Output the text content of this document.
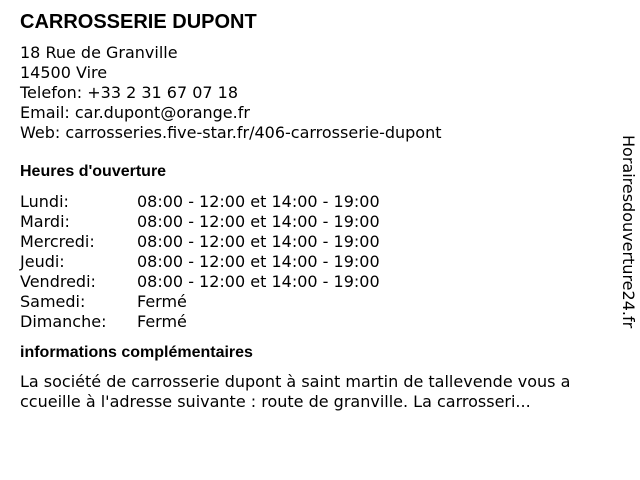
CARROSSERIE DUPONT
18 Rue de Granville
14500 Vire
Telefon: +33 2 31 67 07 18
Email: car.dupont@orange.fr
Web: carrosseries.five-star.fr/406-carrosserie-dupont
Heures d'ouverture
Lundi:	08:00 - 12:00 et 14:00 - 19:00
Mardi:	08:00 - 12:00 et 14:00 - 19:00
Mercredi:	08:00 - 12:00 et 14:00 - 19:00
Jeudi:	08:00 - 12:00 et 14:00 - 19:00
Vendredi:	08:00 - 12:00 et 14:00 - 19:00
Samedi:	Fermé
Dimanche:	Fermé
informations complémentaires

La société de carrosserie dupont à saint martin de tallevende vous a ccueille à l'adresse suivante : route de granville. La carrosseri...

Horairesdouverture24.fr
